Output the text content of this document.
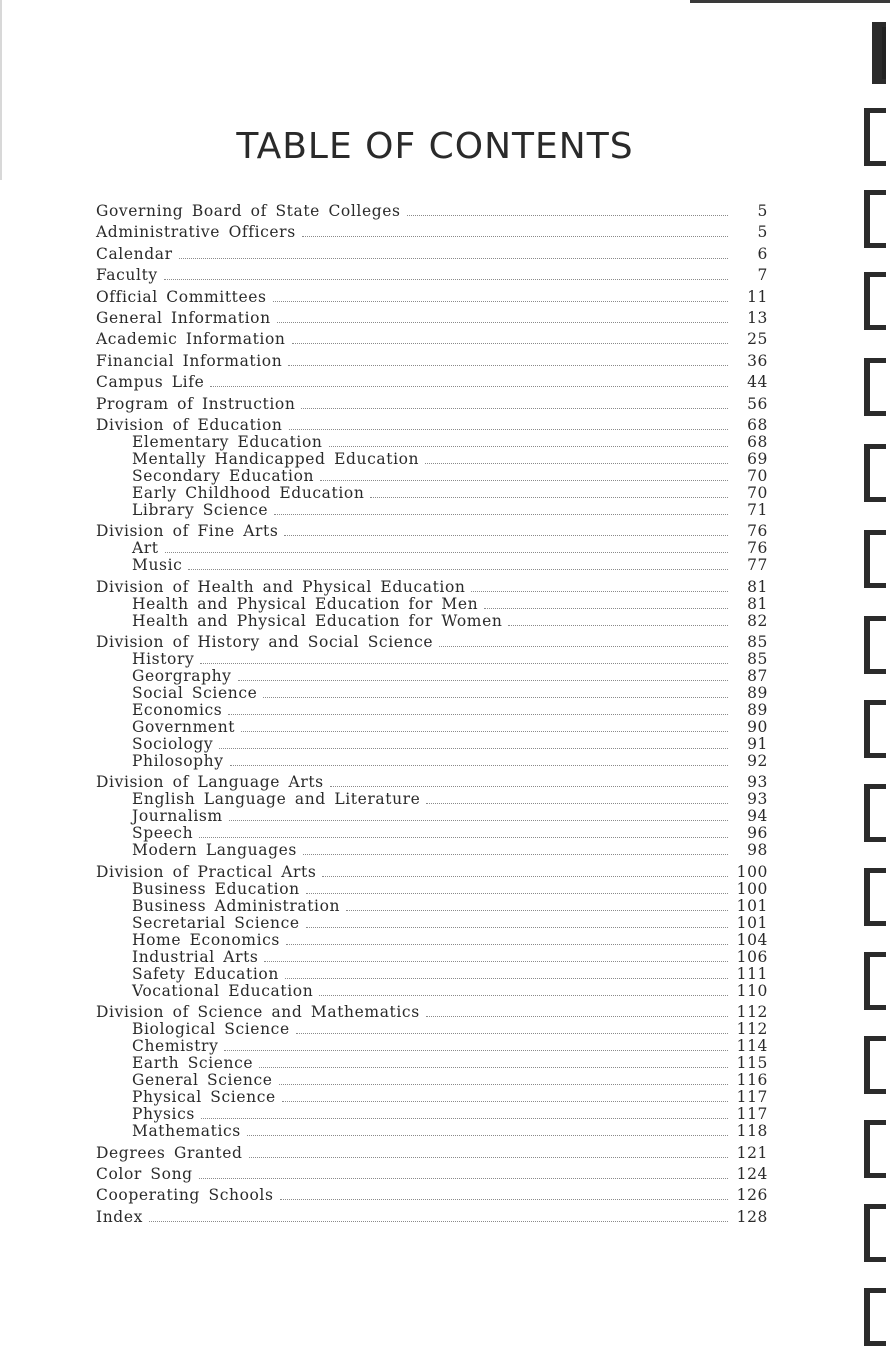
TABLE OF CONTENTS
Governing Board of State Colleges	5
Administrative Officers	5
Calendar	6
Faculty	7
Official Committees	11
General Information	13
Academic Information	25
Financial Information	36
Campus Life	44
Program of Instruction	56
Division of Education	68
Elementary Education	68
Mentally Handicapped Education	69
Secondary Education	70
Early Childhood Education	70
Library Science	71
Division of Fine Arts	76
Art	76
Music	77
Division of Health and Physical Education	81
Health and Physical Education for Men	81
Health and Physical Education for Women	82
Division of History and Social Science	85
History	85
Georgraphy	87
Social Science	89
Economics	89
Government	90
Sociology	91
Philosophy	92
Division of Language Arts	93
English Language and Literature	93
Journalism	94
Speech	96
Modern Languages	98
Division of Practical Arts	100
Business Education	100
Business Administration	101
Secretarial Science	101
Home Economics	104
Industrial Arts	106
Safety Education	111
Vocational Education	110
Division of Science and Mathematics	112
Biological Science	112
Chemistry	114
Earth Science	115
General Science	116
Physical Science	117
Physics	117
Mathematics	118
Degrees Granted	121
Color Song	124
Cooperating Schools	126
Index	128
